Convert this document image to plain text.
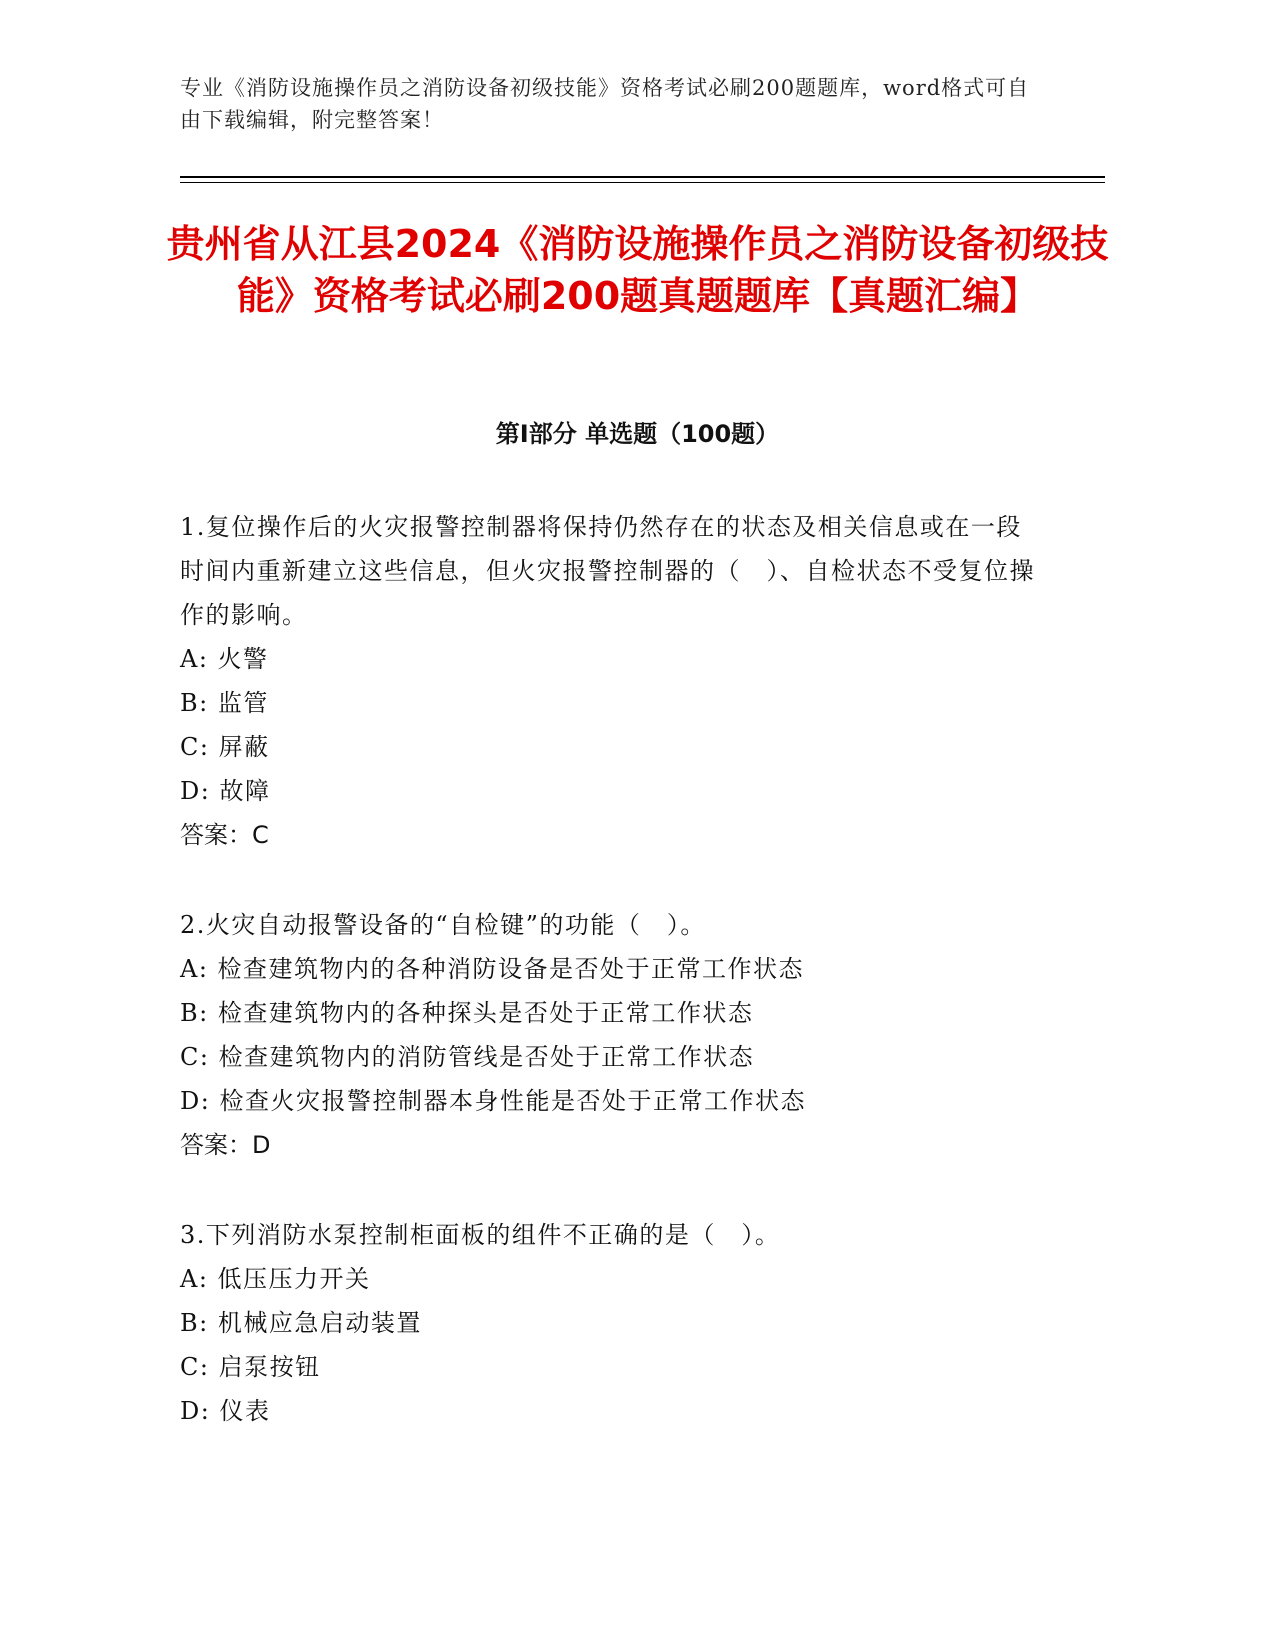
专业《消防设施操作员之消防设备初级技能》资格考试必刷200题题库，word格式可自由下载编辑，附完整答案！
贵州省从江县2024《消防设施操作员之消防设备初级技能》资格考试必刷200题真题题库【真题汇编】
第Ⅰ部分 单选题（100题）

1.复位操作后的火灾报警控制器将保持仍然存在的状态及相关信息或在一段时间内重新建立这些信息，但火灾报警控制器的（　）、自检状态不受复位操作的影响。

A: 火警

B: 监管

C: 屏蔽

D: 故障

答案：C

2.火灾自动报警设备的“自检键”的功能（　）。

A: 检查建筑物内的各种消防设备是否处于正常工作状态

B: 检查建筑物内的各种探头是否处于正常工作状态

C: 检查建筑物内的消防管线是否处于正常工作状态

D: 检查火灾报警控制器本身性能是否处于正常工作状态

答案：D

3.下列消防水泵控制柜面板的组件不正确的是（　）。

A: 低压压力开关

B: 机械应急启动装置

C: 启泵按钮

D: 仪表
